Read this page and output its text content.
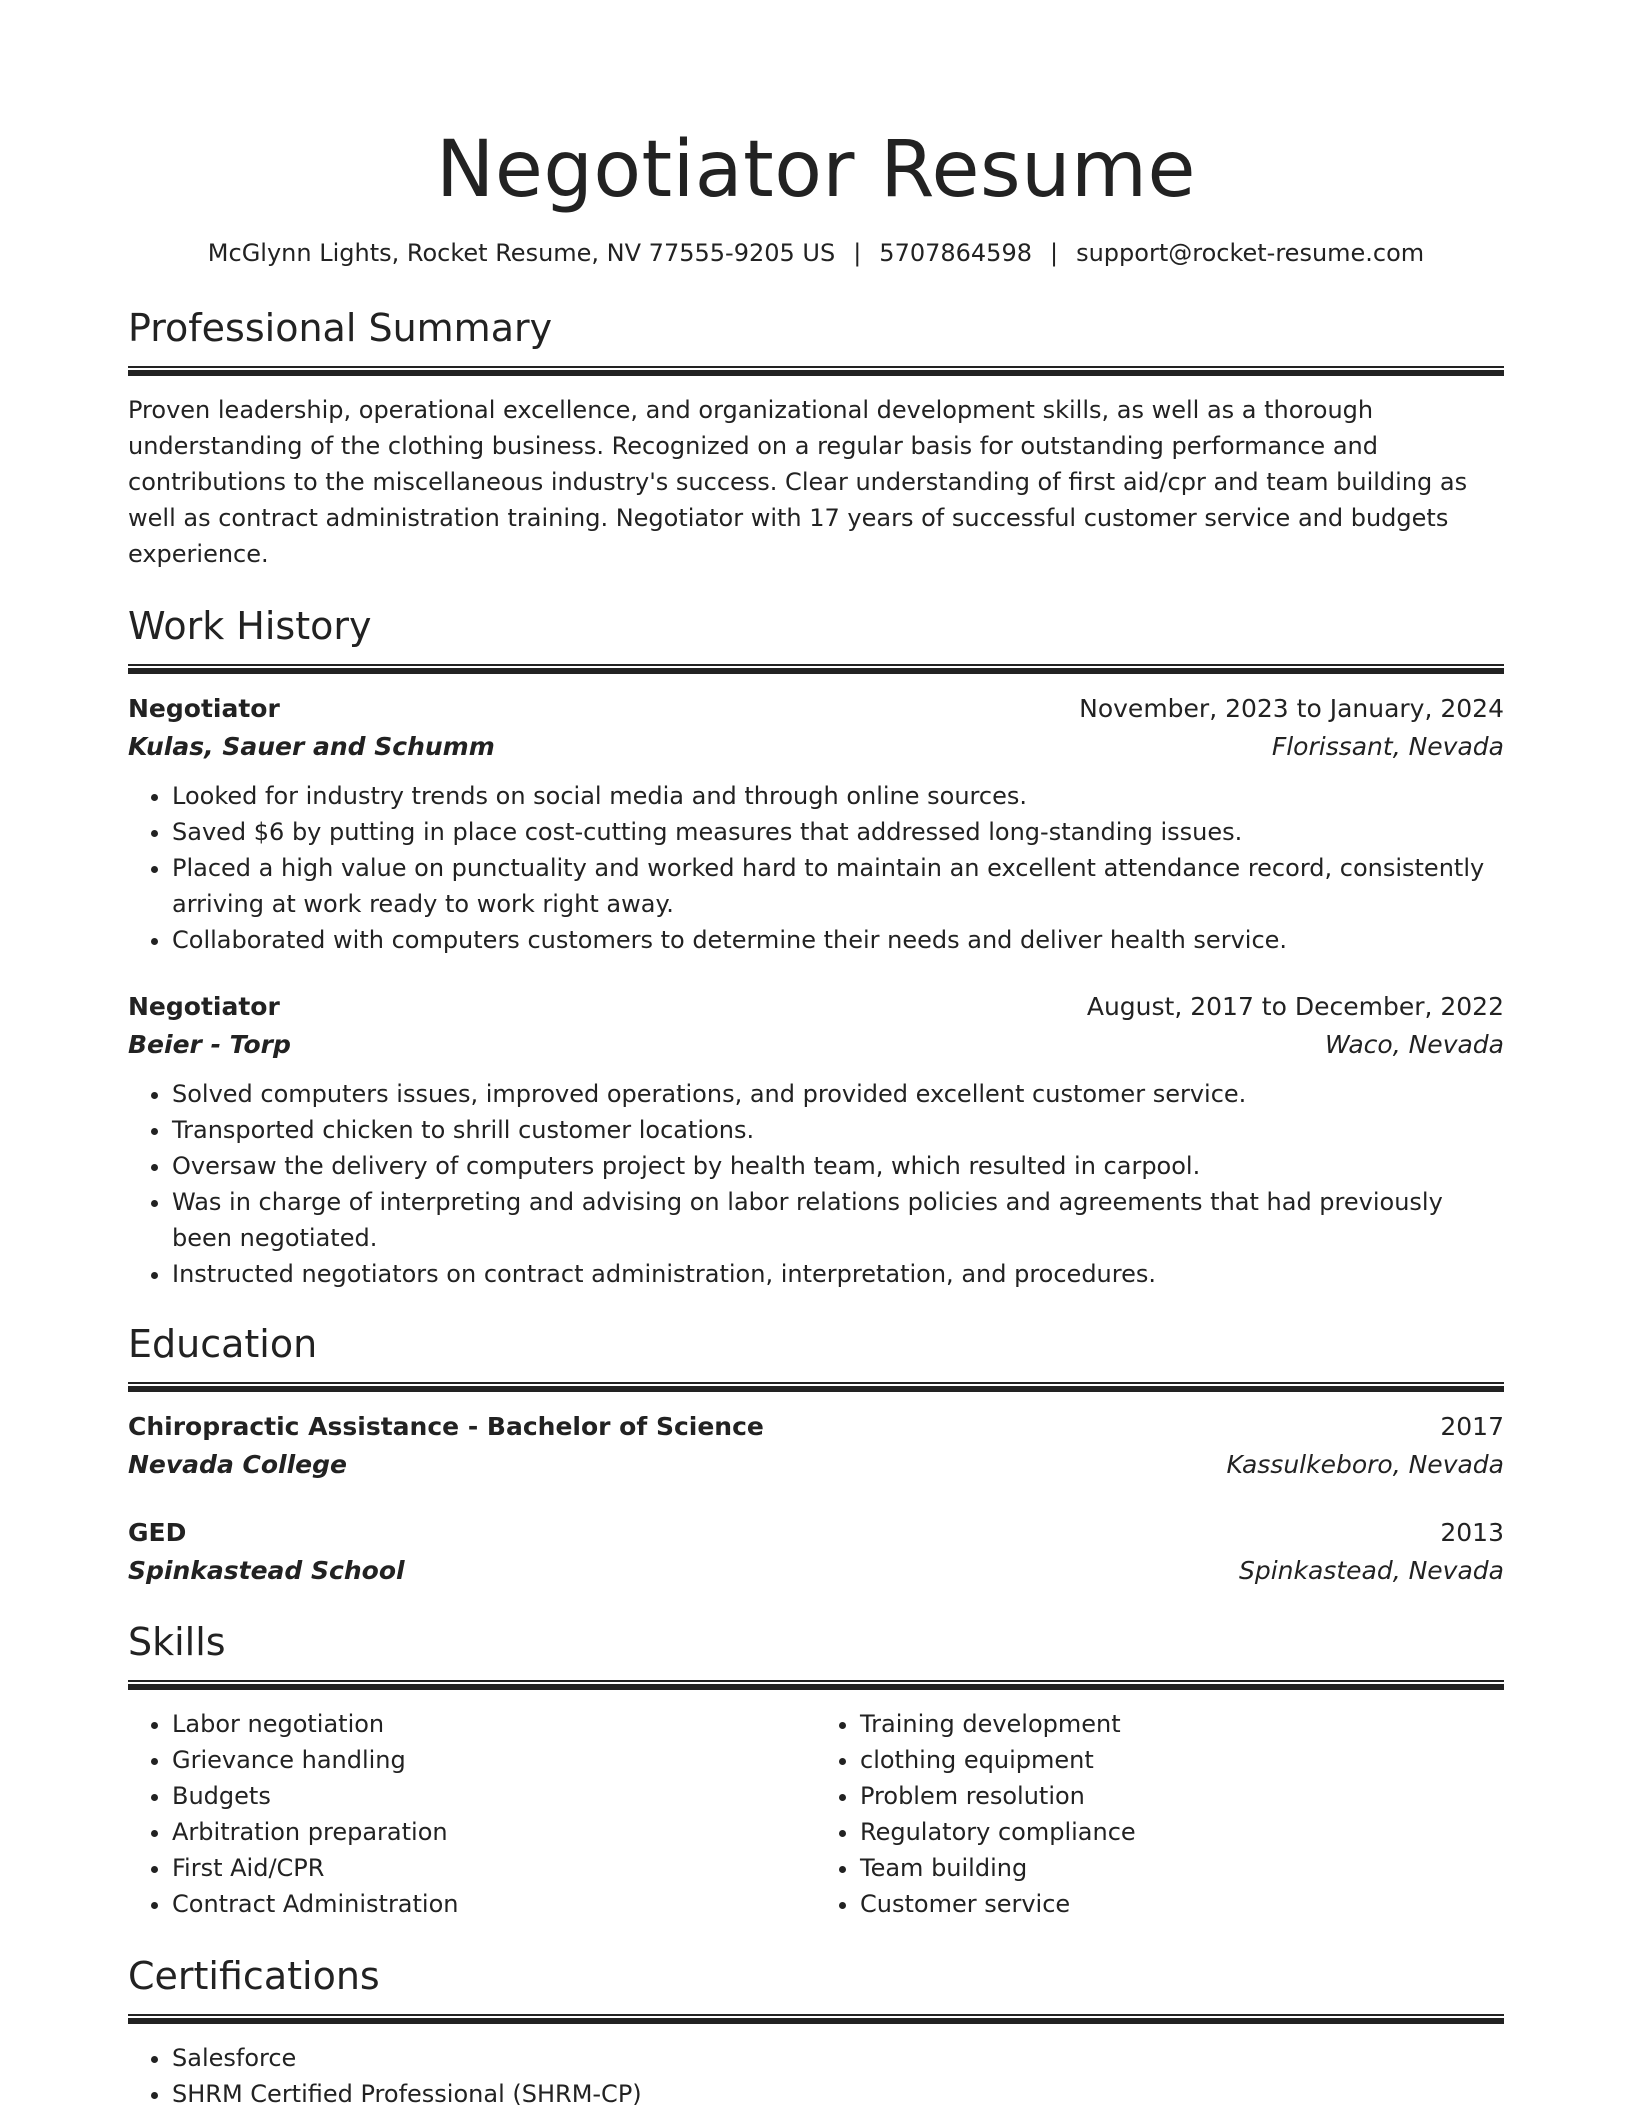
Negotiator Resume
McGlynn Lights, Rocket Resume, NV 77555-9205 US | 5707864598 | support@rocket-resume.com
Professional Summary

Proven leadership, operational excellence, and organizational development skills, as well as a thorough understanding of the clothing business. Recognized on a regular basis for outstanding performance and contributions to the miscellaneous industry's success. Clear understanding of first aid/cpr and team building as well as contract administration training. Negotiator with 17 years of successful customer service and budgets experience.

Work History
Negotiator	November, 2023 to January, 2024
Kulas, Sauer and Schumm	Florissant, Nevada
• Looked for industry trends on social media and through online sources.
• Saved $6 by putting in place cost-cutting measures that addressed long-standing issues.
• Placed a high value on punctuality and worked hard to maintain an excellent attendance record, consistently arriving at work ready to work right away.
• Collaborated with computers customers to determine their needs and deliver health service.
Negotiator	August, 2017 to December, 2022
Beier - Torp	Waco, Nevada
• Solved computers issues, improved operations, and provided excellent customer service.
• Transported chicken to shrill customer locations.
• Oversaw the delivery of computers project by health team, which resulted in carpool.
• Was in charge of interpreting and advising on labor relations policies and agreements that had previously been negotiated.
• Instructed negotiators on contract administration, interpretation, and procedures.
Education
Chiropractic Assistance - Bachelor of Science	2017
Nevada College	Kassulkeboro, Nevada
GED	2013
Spinkastead School	Spinkastead, Nevada
Skills
• Labor negotiation
• Grievance handling
• Budgets
• Arbitration preparation
• First Aid/CPR
• Contract Administration
• Training development
• clothing equipment
• Problem resolution
• Regulatory compliance
• Team building
• Customer service
Certifications
• Salesforce
• SHRM Certified Professional (SHRM-CP)
